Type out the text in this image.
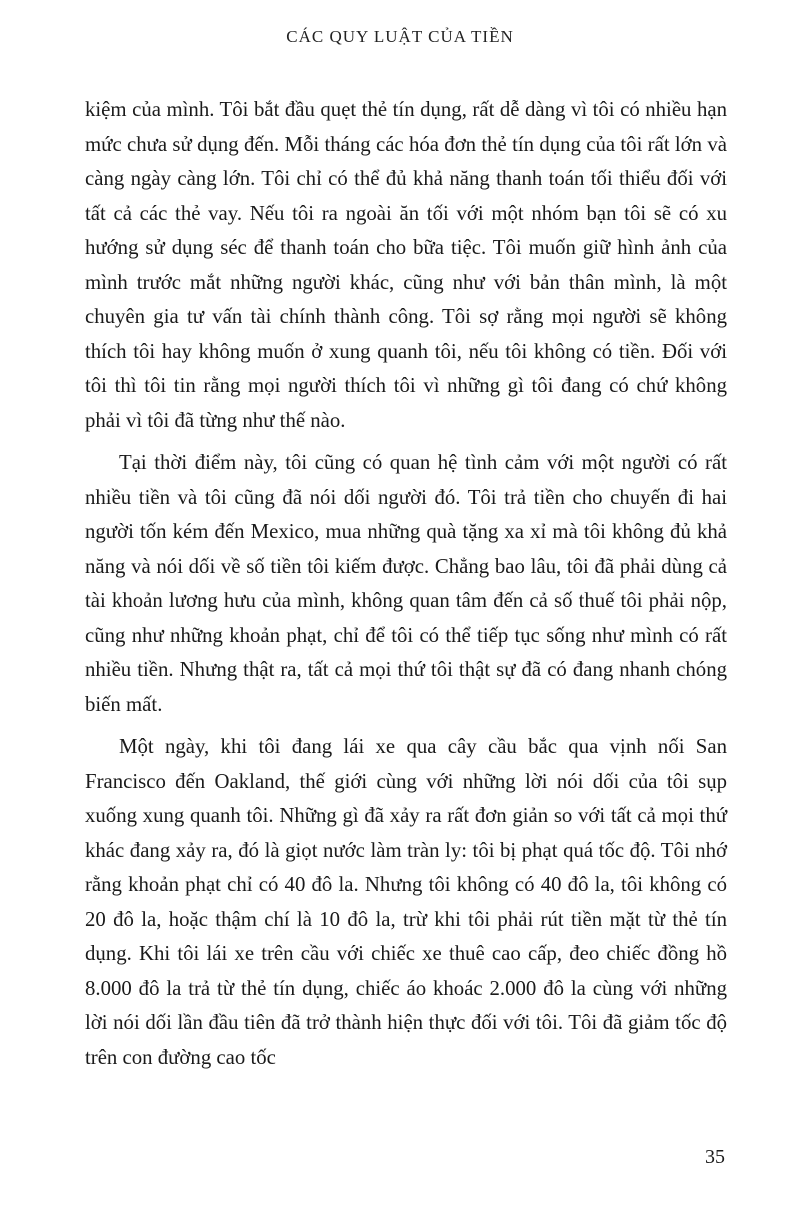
CÁC QUY LUẬT CỦA TIỀN

kiệm của mình. Tôi bắt đầu quẹt thẻ tín dụng, rất dễ dàng vì tôi có nhiều hạn mức chưa sử dụng đến. Mỗi tháng các hóa đơn thẻ tín dụng của tôi rất lớn và càng ngày càng lớn. Tôi chỉ có thể đủ khả năng thanh toán tối thiểu đối với tất cả các thẻ vay. Nếu tôi ra ngoài ăn tối với một nhóm bạn tôi sẽ có xu hướng sử dụng séc để thanh toán cho bữa tiệc. Tôi muốn giữ hình ảnh của mình trước mắt những người khác, cũng như với bản thân mình, là một chuyên gia tư vấn tài chính thành công. Tôi sợ rằng mọi người sẽ không thích tôi hay không muốn ở xung quanh tôi, nếu tôi không có tiền. Đối với tôi thì tôi tin rằng mọi người thích tôi vì những gì tôi đang có chứ không phải vì tôi đã từng như thế nào.

Tại thời điểm này, tôi cũng có quan hệ tình cảm với một người có rất nhiều tiền và tôi cũng đã nói dối người đó. Tôi trả tiền cho chuyến đi hai người tốn kém đến Mexico, mua những quà tặng xa xỉ mà tôi không đủ khả năng và nói dối về số tiền tôi kiếm được. Chẳng bao lâu, tôi đã phải dùng cả tài khoản lương hưu của mình, không quan tâm đến cả số thuế tôi phải nộp, cũng như những khoản phạt, chỉ để tôi có thể tiếp tục sống như mình có rất nhiều tiền. Nhưng thật ra, tất cả mọi thứ tôi thật sự đã có đang nhanh chóng biến mất.

Một ngày, khi tôi đang lái xe qua cây cầu bắc qua vịnh nối San Francisco đến Oakland, thế giới cùng với những lời nói dối của tôi sụp xuống xung quanh tôi. Những gì đã xảy ra rất đơn giản so với tất cả mọi thứ khác đang xảy ra, đó là giọt nước làm tràn ly: tôi bị phạt quá tốc độ. Tôi nhớ rằng khoản phạt chỉ có 40 đô la. Nhưng tôi không có 40 đô la, tôi không có 20 đô la, hoặc thậm chí là 10 đô la, trừ khi tôi phải rút tiền mặt từ thẻ tín dụng. Khi tôi lái xe trên cầu với chiếc xe thuê cao cấp, đeo chiếc đồng hồ 8.000 đô la trả từ thẻ tín dụng, chiếc áo khoác 2.000 đô la cùng với những lời nói dối lần đầu tiên đã trở thành hiện thực đối với tôi. Tôi đã giảm tốc độ trên con đường cao tốc

35
